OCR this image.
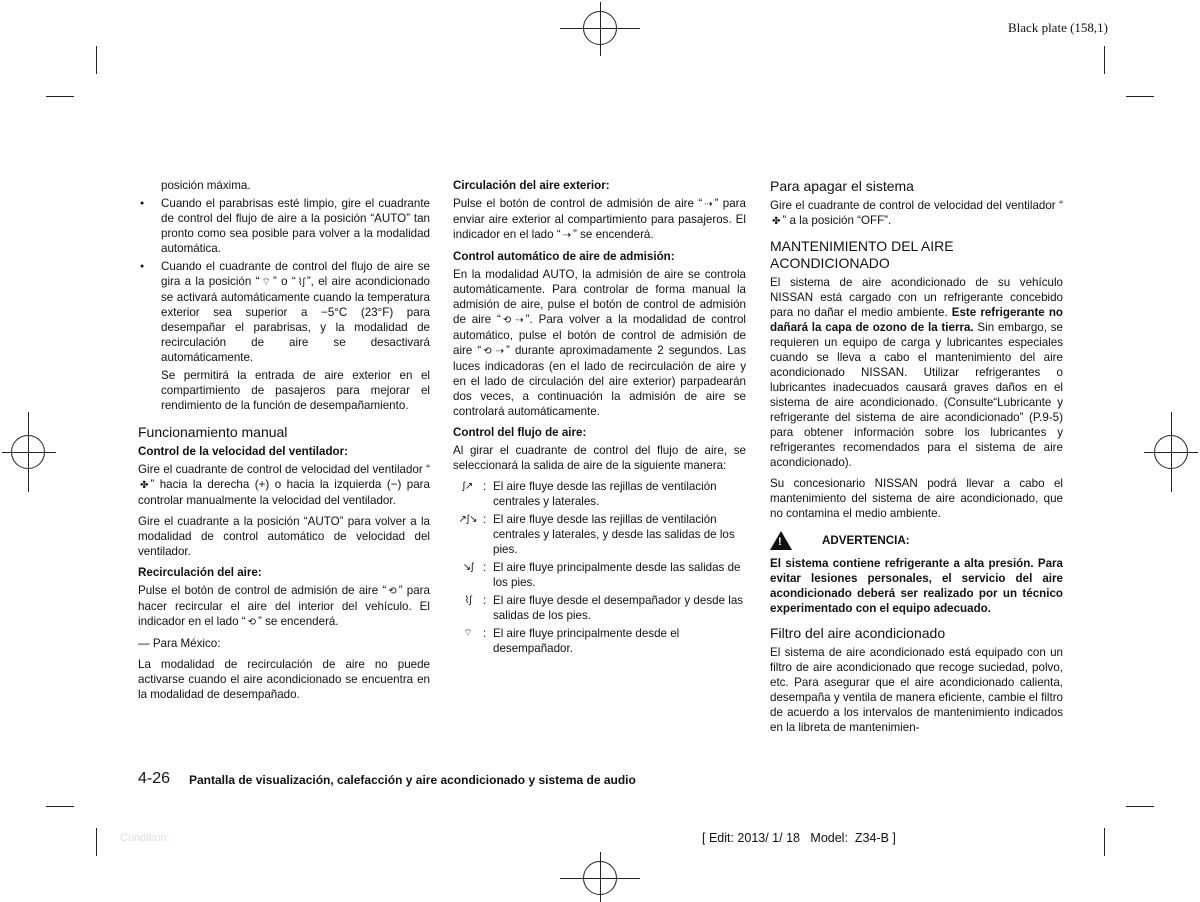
Black plate (158,1)
posición máxima.
● Cuando el parabrisas esté limpio, gire el cuadrante de control del flujo de aire a la posición “AUTO” tan pronto como sea posible para volver a la modalidad automática.
● Cuando el cuadrante de control del flujo de aire se gira a la posición “ ⌔ ” o “ ⌇ʃ ”, el aire acondicionado se activará automáticamente cuando la temperatura exterior sea superior a −5°C (23°F) para desempañar el parabrisas, y la modalidad de recirculación de aire se desactivará automáticamente.
Se permitirá la entrada de aire exterior en el compartimiento de pasajeros para mejorar el rendimiento de la función de desempañamiento.
Funcionamiento manual
Control de la velocidad del ventilador:

Gire el cuadrante de control de velocidad del ventilador “✤ ” hacia la derecha (+) o hacia la izquierda (−) para controlar manualmente la velocidad del ventilador.

Gire el cuadrante a la posición “AUTO” para volver a la modalidad de control automático de velocidad del ventilador.

Recirculación del aire:

Pulse el botón de control de admisión de aire “ ⟲ ” para hacer recircular el aire del interior del vehículo. El indicador en el lado “ ⟲ ” se encenderá.

— Para México:

La modalidad de recirculación de aire no puede activarse cuando el aire acondicionado se encuentra en la modalidad de desempañado.

Circulación del aire exterior:

Pulse el botón de control de admisión de aire “ ⇢ ” para enviar aire exterior al compartimiento para pasajeros. El indicador en el lado “ ⇢ ” se encenderá.

Control automático de aire de admisión:

En la modalidad AUTO, la admisión de aire se controla automáticamente. Para controlar de forma manual la admisión de aire, pulse el botón de control de admisión de aire “ ⟲ ⇢ ”. Para volver a la modalidad de control automático, pulse el botón de control de admisión de aire “ ⟲ ⇢ ” durante aproximadamente 2 segundos. Las luces indicadoras (en el lado de recirculación de aire y en el lado de circulación del aire exterior) parpadearán dos veces, a continuación la admisión de aire se controlará automáticamente.

Control del flujo de aire:

Al girar el cuadrante de control del flujo de aire, se seleccionará la salida de aire de la siguiente manera:

ʃ↗ : El aire fluye desde las rejillas de ventilación centrales y laterales.
↗ʃ↘ : El aire fluye desde las rejillas de ventilación centrales y laterales, y desde las salidas de los pies.
↘ʃ : El aire fluye principalmente desde las salidas de los pies.
⌇ʃ : El aire fluye desde el desempañador y desde las salidas de los pies.
⌔ : El aire fluye principalmente desde el desempañador.
Para apagar el sistema

Gire el cuadrante de control de velocidad del ventilador “✤ ” a la posición “OFF”.

MANTENIMIENTO DEL AIRE ACONDICIONADO

El sistema de aire acondicionado de su vehículo NISSAN está cargado con un refrigerante concebido para no dañar el medio ambiente. Este refrigerante no dañará la capa de ozono de la tierra. Sin embargo, se requieren un equipo de carga y lubricantes especiales cuando se lleva a cabo el mantenimiento del aire acondicionado NISSAN. Utilizar refrigerantes o lubricantes inadecuados causará graves daños en el sistema de aire acondicionado. (Consulte“Lubricante y refrigerante del sistema de aire acondicionado” (P.9-5) para obtener información sobre los lubricantes y refrigerantes recomendados para el sistema de aire acondicionado).

Su concesionario NISSAN podrá llevar a cabo el mantenimiento del sistema de aire acondicionado, que no contamina el medio ambiente.

!	ADVERTENCIA:

El sistema contiene refrigerante a alta presión. Para evitar lesiones personales, el servicio del aire acondicionado deberá ser realizado por un técnico experimentado con el equipo adecuado.

Filtro del aire acondicionado

El sistema de aire acondicionado está equipado con un filtro de aire acondicionado que recoge suciedad, polvo, etc. Para asegurar que el aire acondicionado calienta, desempaña y ventila de manera eficiente, cambie el filtro de acuerdo a los intervalos de mantenimiento indicados en la libreta de mantenimien-

4-26 Pantalla de visualización, calefacción y aire acondicionado y sistema de audio
Condition:	[ Edit: 2013/ 1/ 18   Model:  Z34-B ]
